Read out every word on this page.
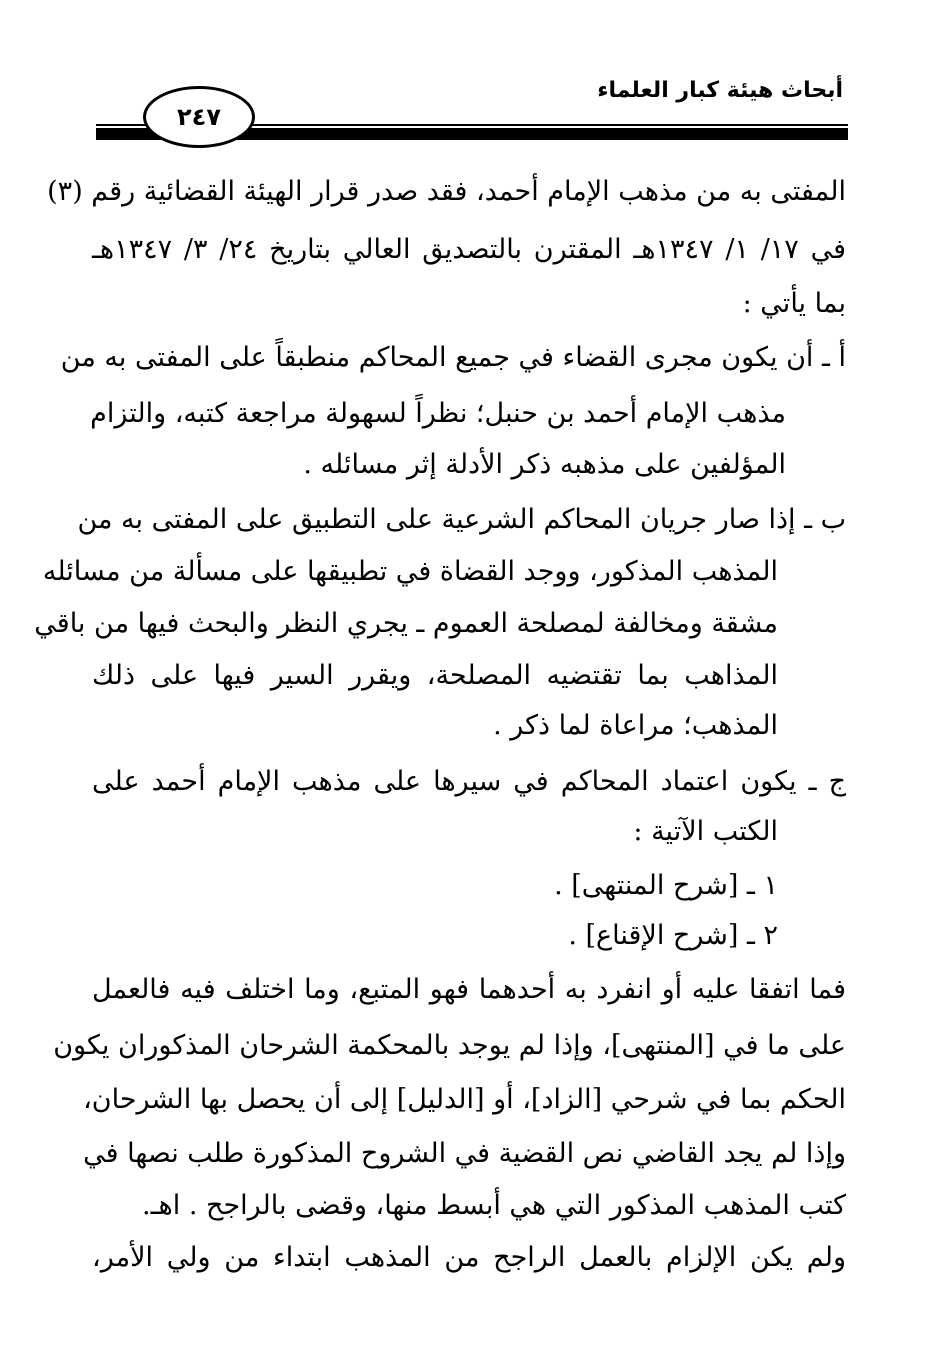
أبحاث هيئة كبار العلماء
٢٤٧
المفتى به من مذهب الإمام أحمد، فقد صدر قرار الهيئة القضائية رقم (٣)
في ١٧/ ١/ ١٣٤٧هـ المقترن بالتصديق العالي بتاريخ ٢٤/ ٣/ ١٣٤٧هـ
بما يأتي :
أ ـ أن يكون مجرى القضاء في جميع المحاكم منطبقاً على المفتى به من
مذهب الإمام أحمد بن حنبل؛ نظراً لسهولة مراجعة كتبه، والتزام
المؤلفين على مذهبه ذكر الأدلة إثر مسائله .
ب ـ إذا صار جريان المحاكم الشرعية على التطبيق على المفتى به من
المذهب المذكور، ووجد القضاة في تطبيقها على مسألة من مسائله
مشقة ومخالفة لمصلحة العموم ـ يجري النظر والبحث فيها من باقي
المذاهب بما تقتضيه المصلحة، ويقرر السير فيها على ذلك
المذهب؛ مراعاة لما ذكر .
ج ـ يكون اعتماد المحاكم في سيرها على مذهب الإمام أحمد على
الكتب الآتية :
١ ـ [شرح المنتهى] .
٢ ـ [شرح الإقناع] .
فما اتفقا عليه أو انفرد به أحدهما فهو المتبع، وما اختلف فيه فالعمل
على ما في [المنتهى]، وإذا لم يوجد بالمحكمة الشرحان المذكوران يكون
الحكم بما في شرحي [الزاد]، أو [الدليل] إلى أن يحصل بها الشرحان،
وإذا لم يجد القاضي نص القضية في الشروح المذكورة طلب نصها في
كتب المذهب المذكور التي هي أبسط منها، وقضى بالراجح . اهـ.
ولم يكن الإلزام بالعمل الراجح من المذهب ابتداء من ولي الأمر،
